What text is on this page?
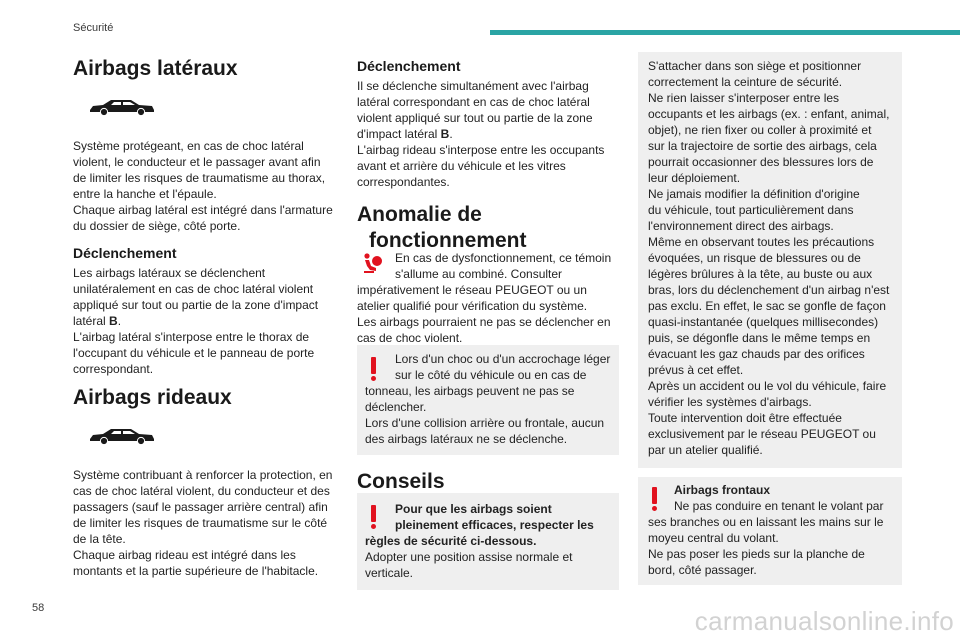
Sécurité
Airbags latéraux
Système protégeant, en cas de choc latéral
violent, le conducteur et le passager avant afin
de limiter les risques de traumatisme au thorax,
entre la hanche et l'épaule.
Chaque airbag latéral est intégré dans l'armature
du dossier de siège, côté porte.
Déclenchement
Les airbags latéraux se déclenchent
unilatéralement en cas de choc latéral violent
appliqué sur tout ou partie de la zone d'impact
latéral B.
L'airbag latéral s'interpose entre le thorax de
l'occupant du véhicule et le panneau de porte
correspondant.
Airbags rideaux
Système contribuant à renforcer la protection, en
cas de choc latéral violent, du conducteur et des
passagers (sauf le passager arrière central) afin
de limiter les risques de traumatisme sur le côté
de la tête.
Chaque airbag rideau est intégré dans les
montants et la partie supérieure de l'habitacle.
Déclenchement
Il se déclenche simultanément avec l'airbag
latéral correspondant en cas de choc latéral
violent appliqué sur tout ou partie de la zone
d'impact latéral B.
L'airbag rideau s'interpose entre les occupants
avant et arrière du véhicule et les vitres
correspondantes.
Anomalie de
fonctionnement
En cas de dysfonctionnement, ce témoin
s'allume au combiné. Consulter
impérativement le réseau PEUGEOT ou un
atelier qualifié pour vérification du système.
Les airbags pourraient ne pas se déclencher en
cas de choc violent.
Lors d'un choc ou d'un accrochage léger
sur le côté du véhicule ou en cas de
tonneau, les airbags peuvent ne pas se
déclencher.
Lors d'une collision arrière ou frontale, aucun
des airbags latéraux ne se déclenche.
Conseils
Pour que les airbags soient
pleinement efficaces, respecter les
règles de sécurité ci-dessous.
Adopter une position assise normale et
verticale.
S'attacher dans son siège et positionner
correctement la ceinture de sécurité.
Ne rien laisser s'interposer entre les
occupants et les airbags (ex. : enfant, animal,
objet), ne rien fixer ou coller à proximité et
sur la trajectoire de sortie des airbags, cela
pourrait occasionner des blessures lors de
leur déploiement.
Ne jamais modifier la définition d'origine
du véhicule, tout particulièrement dans
l'environnement direct des airbags.
Même en observant toutes les précautions
évoquées, un risque de blessures ou de
légères brûlures à la tête, au buste ou aux
bras, lors du déclenchement d'un airbag n'est
pas exclu. En effet, le sac se gonfle de façon
quasi-instantanée (quelques millisecondes)
puis, se dégonfle dans le même temps en
évacuant les gaz chauds par des orifices
prévus à cet effet.
Après un accident ou le vol du véhicule, faire
vérifier les systèmes d'airbags.
Toute intervention doit être effectuée
exclusivement par le réseau PEUGEOT ou
par un atelier qualifié.
Airbags frontaux
Ne pas conduire en tenant le volant par
ses branches ou en laissant les mains sur le
moyeu central du volant.
Ne pas poser les pieds sur la planche de
bord, côté passager.
58	carmanualsonline.info
